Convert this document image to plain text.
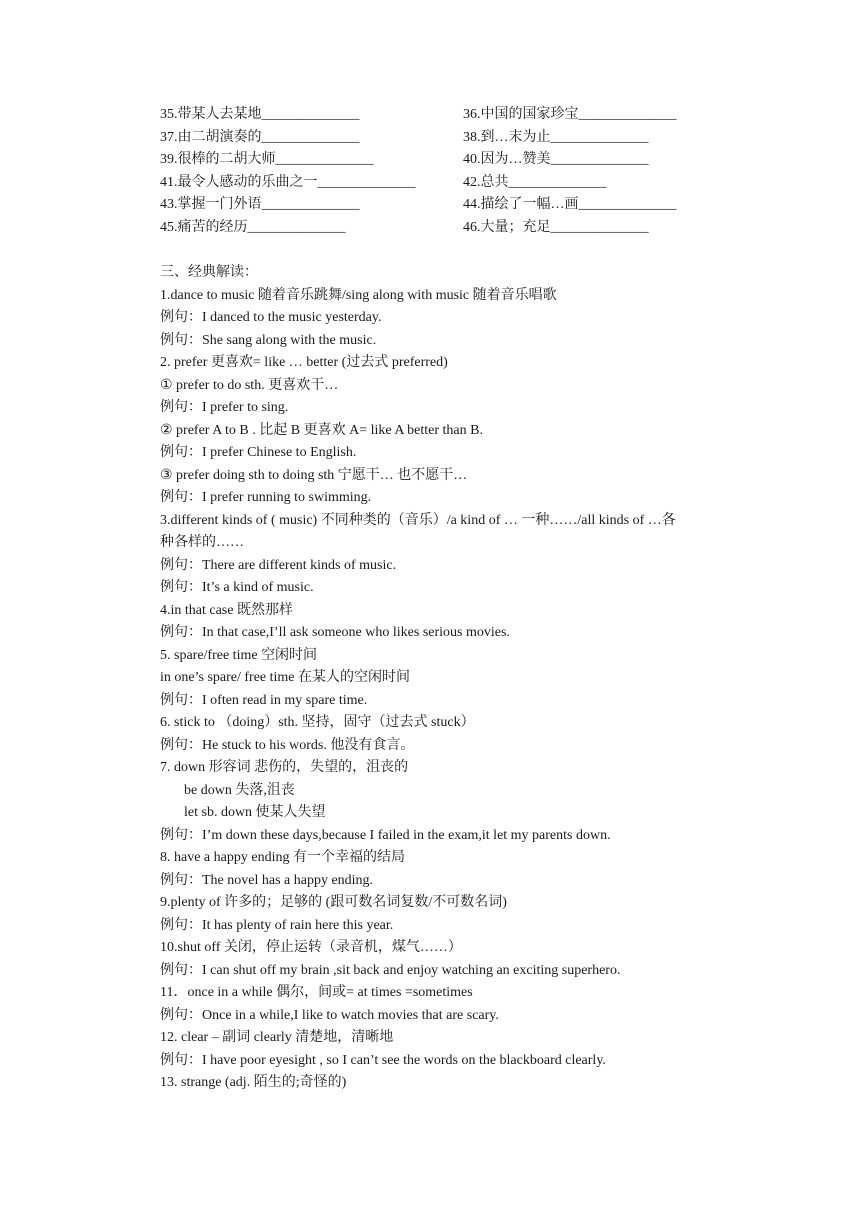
35.带某人去某地______________	36.中国的国家珍宝______________
37.由二胡演奏的______________	38.到…末为止______________
39.很棒的二胡大师______________	40.因为…赞美______________
41.最令人感动的乐曲之一______________	42.总共______________
43.掌握一门外语______________	44.描绘了一幅…画______________
45.痛苦的经历______________	46.大量；充足______________
三、经典解读：
1.dance to music 随着音乐跳舞/sing along with music 随着音乐唱歌
例句：I danced to the music yesterday.
例句：She sang along with the music.
2. prefer 更喜欢= like … better (过去式 preferred)
① prefer to do sth. 更喜欢干…
例句：I prefer to sing.
② prefer A to B . 比起 B 更喜欢 A= like A better than B.
例句：I prefer Chinese to English.
③ prefer doing sth to doing sth 宁愿干… 也不愿干…
例句：I prefer running to swimming.
3.different kinds of ( music) 不同种类的（音乐）/a kind of … 一种……/all kinds of …各
种各样的……
例句：There are different kinds of music.
例句：It’s a kind of music.
4.in that case 既然那样
例句：In that case,I’ll ask someone who likes serious movies.
5. spare/free time 空闲时间
in one’s spare/ free time 在某人的空闲时间
例句：I often read in my spare time.
6. stick to （doing）sth. 坚持，固守（过去式 stuck）
例句：He stuck to his words. 他没有食言。
7. down 形容词 悲伤的，失望的，沮丧的
be down 失落,沮丧
let sb. down 使某人失望
例句：I’m down these days,because I failed in the exam,it let my parents down.
8. have a happy ending 有一个幸福的结局
例句：The novel has a happy ending.
9.plenty of 许多的；足够的 (跟可数名词复数/不可数名词)
例句：It has plenty of rain here this year.
10.shut off 关闭，停止运转（录音机，煤气……）
例句：I can shut off my brain ,sit back and enjoy watching an exciting superhero.
11．once in a while 偶尔，间或= at times =sometimes
例句：Once in a while,I like to watch movies that are scary.
12. clear – 副词 clearly 清楚地，清晰地
例句：I have poor eyesight , so I can’t see the words on the blackboard clearly.
13. strange (adj. 陌生的;奇怪的)
